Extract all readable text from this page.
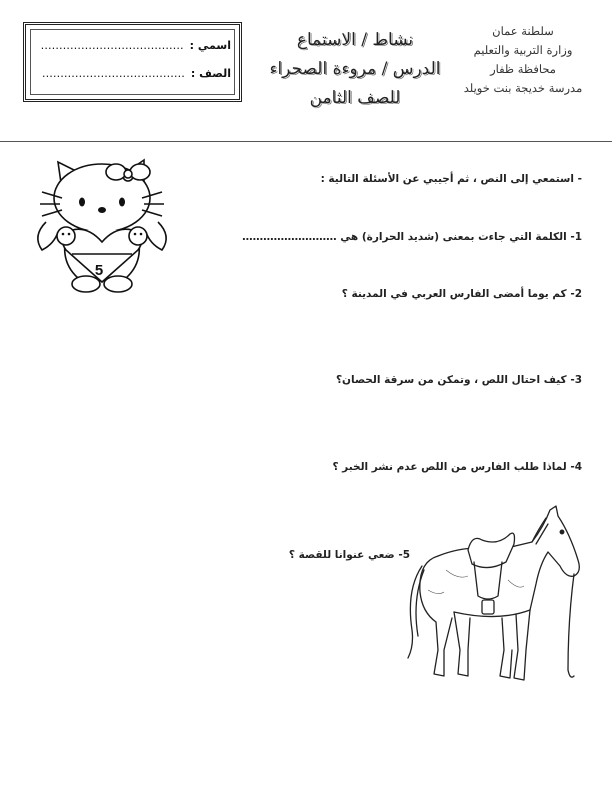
سلطنة عمان
وزارة التربية والتعليم
محافظة ظفار
مدرسة خديجة بنت خويلد
نشاط / الاستماع
الدرس / مروءة الصحراء
للصف الثامن
اسمي :
…………………………………
الصف :
…………………………………
5
- استمعي إلى النص ، ثم أجيبي عن الأسئلة التالية :
1- الكلمة التي جاءت بمعنى (شديد الحرارة) هي ………………………
2- كم يوما أمضى الفارس العربي في المدينة ؟
3- كيف احتال اللص ، وتمكن من سرقة الحصان؟
4- لماذا طلب الفارس من اللص عدم نشر الخبر ؟
5- ضعي عنوانا للقصة ؟
